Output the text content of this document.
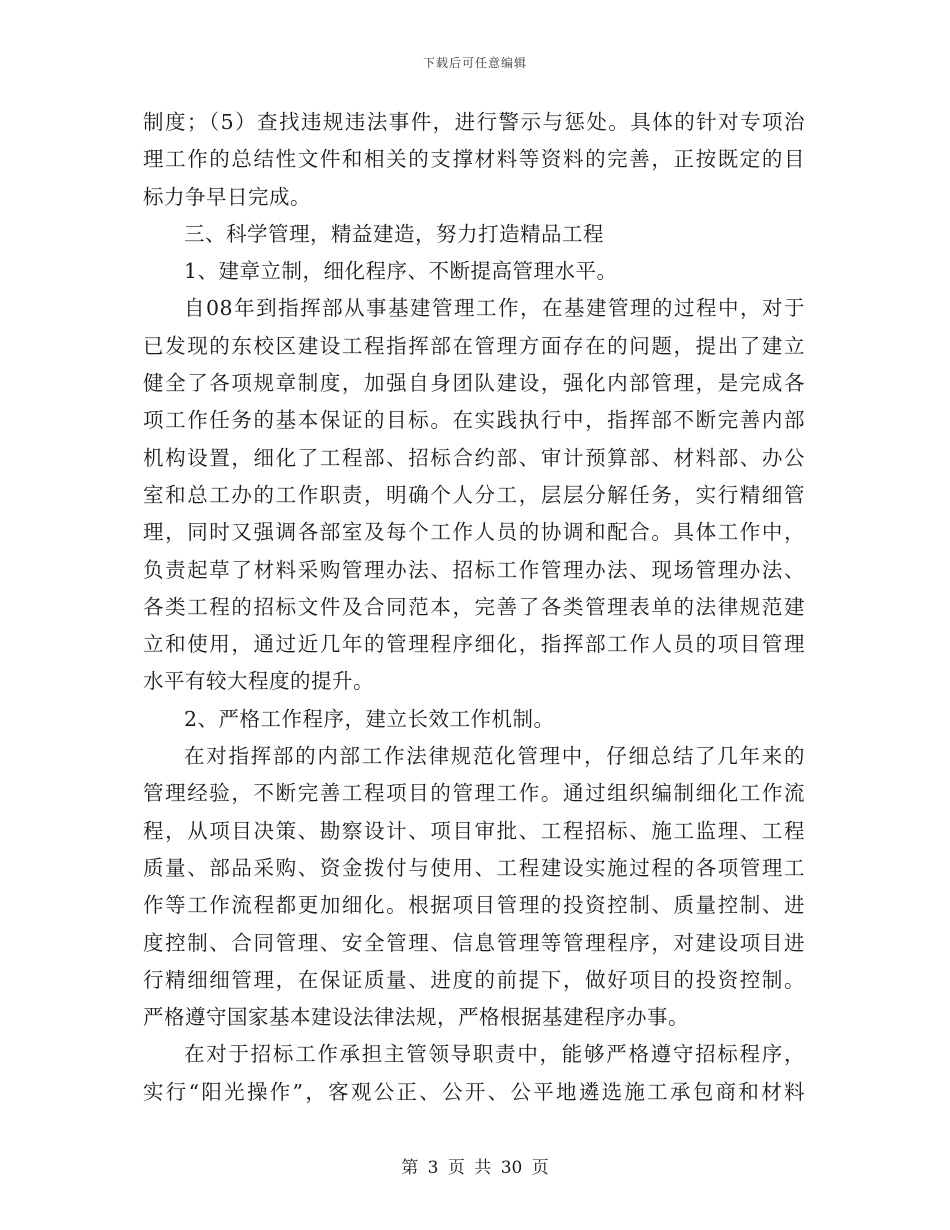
下载后可任意编辑
制度；（5）查找违规违法事件，进行警示与惩处。具体的针对专项治
理工作的总结性文件和相关的支撑材料等资料的完善，正按既定的目
标力争早日完成。
三、科学管理，精益建造，努力打造精品工程
1、建章立制，细化程序、不断提高管理水平。
自08年到指挥部从事基建管理工作，在基建管理的过程中，对于
已发现的东校区建设工程指挥部在管理方面存在的问题，提出了建立
健全了各项规章制度，加强自身团队建设，强化内部管理，是完成各
项工作任务的基本保证的目标。在实践执行中，指挥部不断完善内部
机构设置，细化了工程部、招标合约部、审计预算部、材料部、办公
室和总工办的工作职责，明确个人分工，层层分解任务，实行精细管
理，同时又强调各部室及每个工作人员的协调和配合。具体工作中，
负责起草了材料采购管理办法、招标工作管理办法、现场管理办法、
各类工程的招标文件及合同范本，完善了各类管理表单的法律规范建
立和使用，通过近几年的管理程序细化，指挥部工作人员的项目管理
水平有较大程度的提升。
2、严格工作程序，建立长效工作机制。
在对指挥部的内部工作法律规范化管理中，仔细总结了几年来的
管理经验，不断完善工程项目的管理工作。通过组织编制细化工作流
程，从项目决策、勘察设计、项目审批、工程招标、施工监理、工程
质量、部品采购、资金拨付与使用、工程建设实施过程的各项管理工
作等工作流程都更加细化。根据项目管理的投资控制、质量控制、进
度控制、合同管理、安全管理、信息管理等管理程序，对建设项目进
行精细细管理，在保证质量、进度的前提下，做好项目的投资控制。
严格遵守国家基本建设法律法规，严格根据基建程序办事。
在对于招标工作承担主管领导职责中，能够严格遵守招标程序，
实行“阳光操作”，客观公正、公开、公平地遴选施工承包商和材料
第 3 页 共 30 页
